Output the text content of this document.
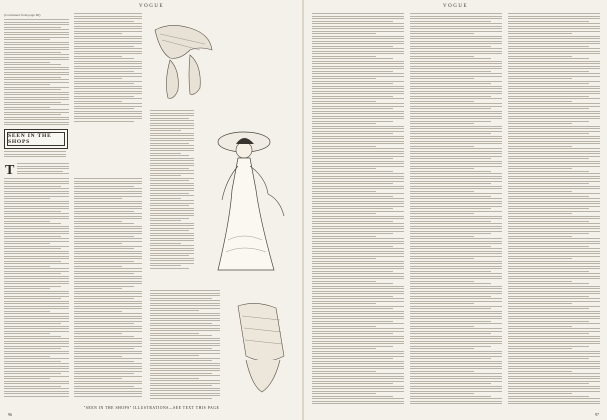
VOGUE
(Continued from page 60)
SEEN IN THE SHOPS
T
"SEEN IN THE SHOPS" ILLUSTRATIONS—SEE TEXT THIS PAGE
96
VOGUE
97
